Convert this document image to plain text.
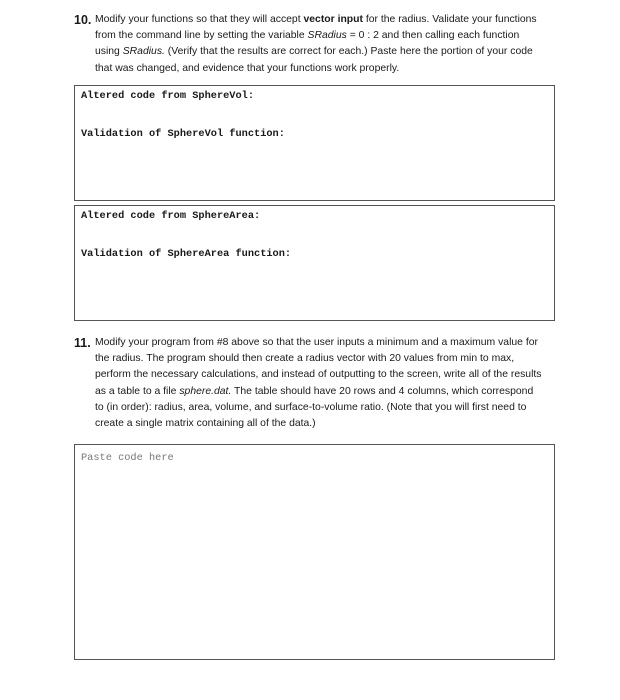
10. Modify your functions so that they will accept vector input for the radius. Validate your functions from the command line by setting the variable SRadius = 0 : 2 and then calling each function using SRadius. (Verify that the results are correct for each.) Paste here the portion of your code that was changed, and evidence that your functions work properly.
Altered code from SphereVol:
Validation of SphereVol function:
Altered code from SphereArea:
Validation of SphereArea function:
11. Modify your program from #8 above so that the user inputs a minimum and a maximum value for the radius. The program should then create a radius vector with 20 values from min to max, perform the necessary calculations, and instead of outputting to the screen, write all of the results as a table to a file sphere.dat. The table should have 20 rows and 4 columns, which correspond to (in order): radius, area, volume, and surface-to-volume ratio. (Note that you will first need to create a single matrix containing all of the data.)
Paste code here
